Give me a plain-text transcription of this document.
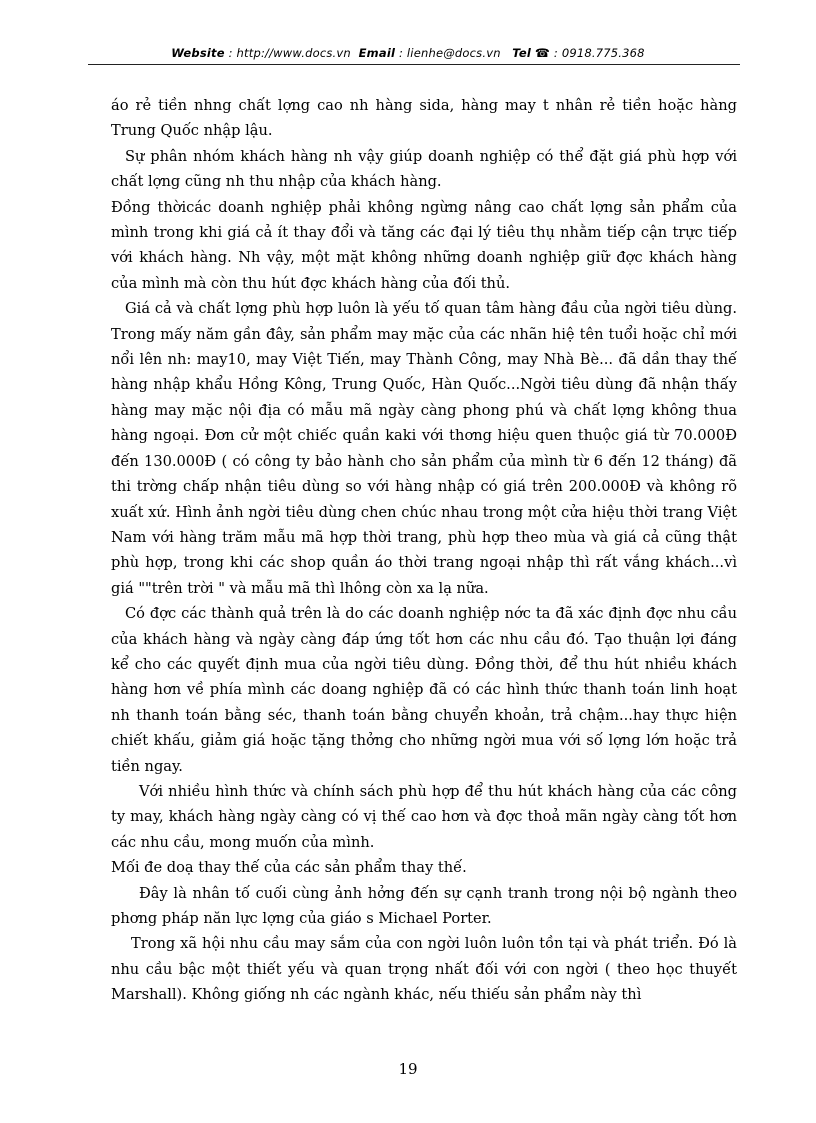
Website : http://www.docs.vn Email : lienhe@docs.vn Tel ☎ : 0918.775.368

áo rẻ tiền nhng chất lợng cao nh hàng sida, hàng may t nhân rẻ tiền hoặc hàng Trung Quốc nhập lậu.

Sự phân nhóm khách hàng nh vậy giúp doanh nghiệp có thể đặt giá phù hợp với chất lợng cũng nh thu nhập của khách hàng.

Đồng thờicác doanh nghiệp phải không ngừng nâng cao chất lợng sản phẩm của mình trong khi giá cả ít thay đổi và tăng các đại lý tiêu thụ nhằm tiếp cận trực tiếp với khách hàng. Nh vậy, một mặt không những doanh nghiệp giữ đợc khách hàng của mình mà còn thu hút đợc khách hàng của đối thủ.

Giá cả và chất lợng phù hợp luôn là yếu tố quan tâm hàng đầu của ngời tiêu dùng. Trong mấy năm gần đây, sản phẩm may mặc của các nhãn hiệ tên tuổi hoặc chỉ mới nổi lên nh: may10, may Việt Tiến, may Thành Công, may Nhà Bè... đã dần thay thế hàng nhập khẩu Hồng Kông, Trung Quốc, Hàn Quốc...Ngời tiêu dùng đã nhận thấy hàng may mặc nội địa có mẫu mã ngày càng phong phú và chất lợng không thua hàng ngoại. Đơn cử một chiếc quần kaki với thơng hiệu quen thuộc giá từ 70.000Đ đến 130.000Đ ( có công ty bảo hành cho sản phẩm của mình từ 6 đến 12 tháng) đã thi trờng chấp nhận tiêu dùng so với hàng nhập có giá trên 200.000Đ và không rõ xuất xứ. Hình ảnh ngời tiêu dùng chen chúc nhau trong một cửa hiệu thời trang Việt Nam với hàng trăm mẫu mã hợp thời trang, phù hợp theo mùa và giá cả cũng thật phù hợp, trong khi các shop quần áo thời trang ngoại nhập thì rất vắng khách...vì giá ""trên trời " và mẫu mã thì lhông còn xa lạ nữa.

Có đợc các thành quả trên là do các doanh nghiệp nớc ta đã xác định đợc nhu cầu của khách hàng và ngày càng đáp ứng tốt hơn các nhu cầu đó. Tạo thuận lợi đáng kể cho các quyết định mua của ngời tiêu dùng. Đồng thời, để thu hút nhiều khách hàng hơn về phía mình các doang nghiệp đã có các hình thức thanh toán linh hoạt nh thanh toán bằng séc, thanh toán bằng chuyển khoản, trả chậm...hay thực hiện chiết khấu, giảm giá hoặc tặng thởng cho những ngời mua với số lợng lớn hoặc trả tiền ngay.

Với nhiều hình thức và chính sách phù hợp để thu hút khách hàng của các công ty may, khách hàng ngày càng có vị thế cao hơn và đợc thoả mãn ngày càng tốt hơn các nhu cầu, mong muốn của mình.

Mối đe doạ thay thế của các sản phẩm thay thế.

Đây là nhân tố cuối cùng ảnh hởng đến sự cạnh tranh trong nội bộ ngành theo phơng pháp năn lực lợng của giáo s Michael Porter.

Trong xã hội nhu cầu may sắm của con ngời luôn luôn tồn tại và phát triển. Đó là nhu cầu bậc một thiết yếu và quan trọng nhất đối với con ngời ( theo học thuyết Marshall). Không giống nh các ngành khác, nếu thiếu sản phẩm này thì

19
